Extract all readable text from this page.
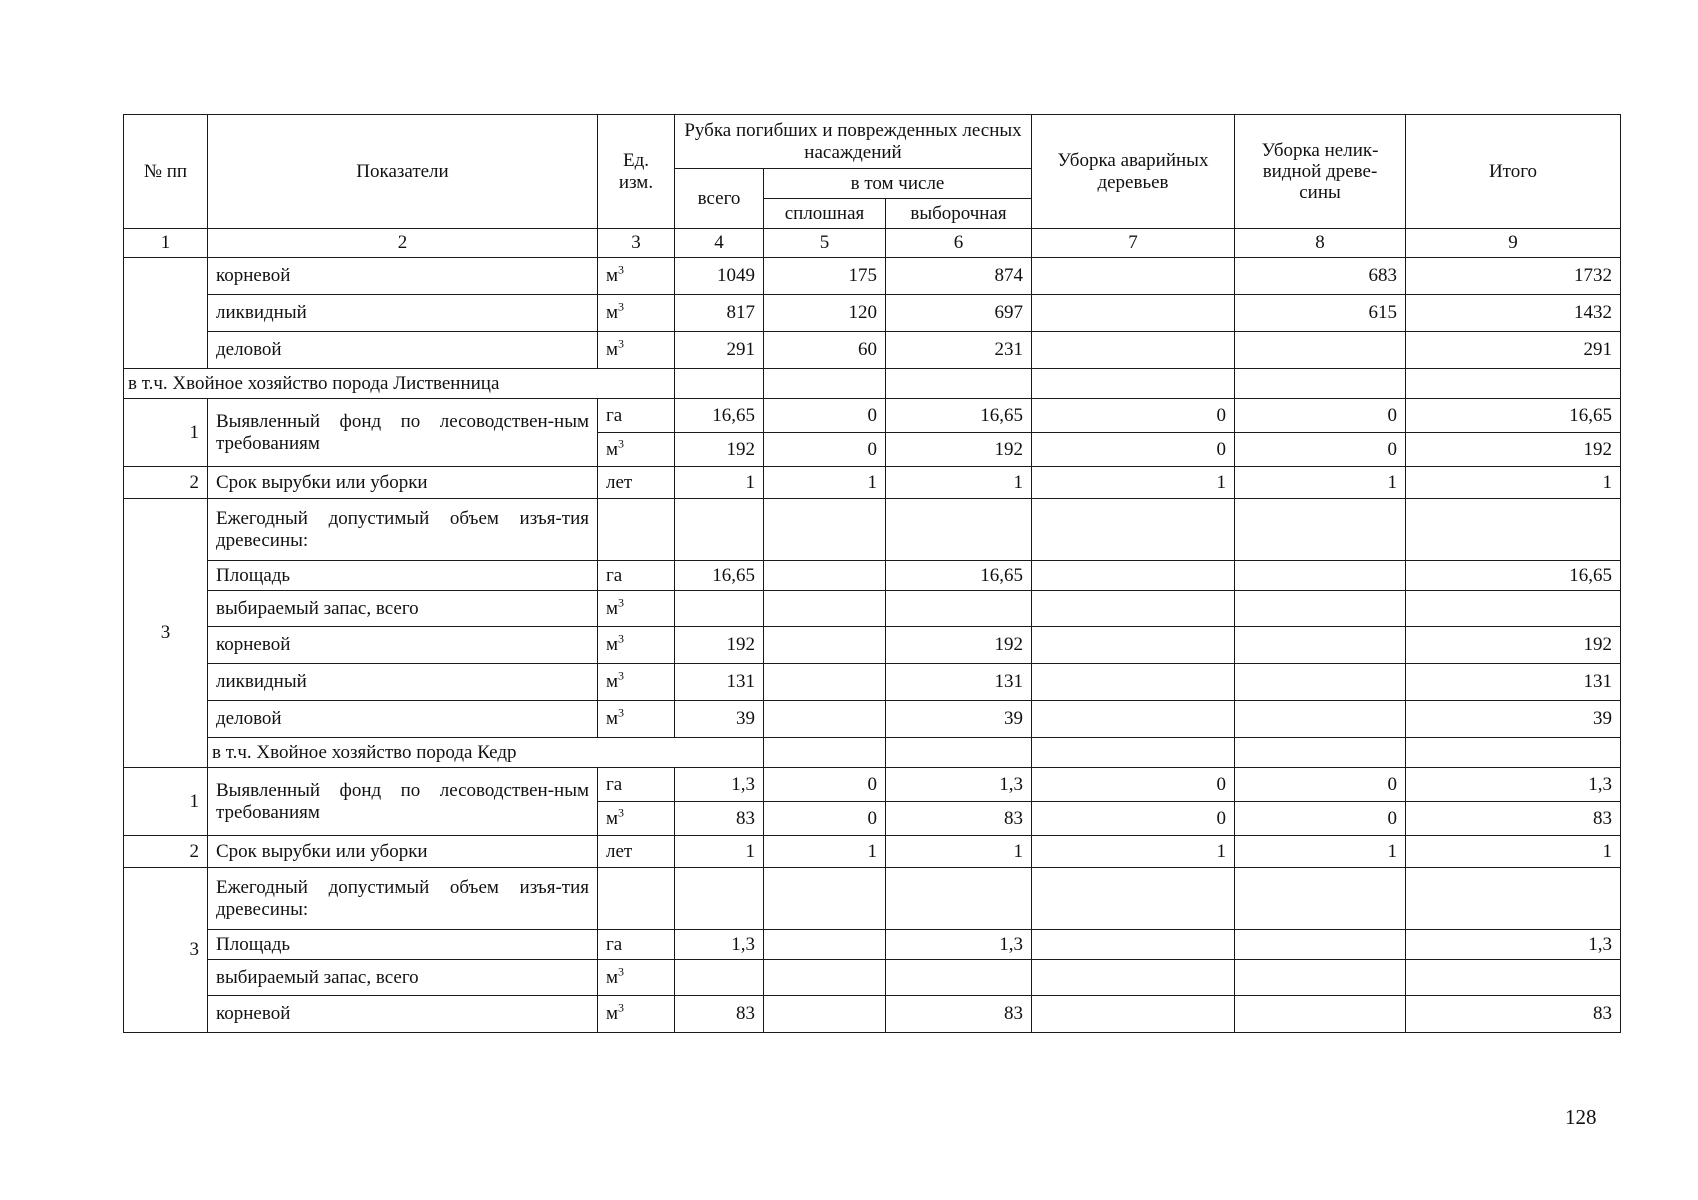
№ пп	Показатели	Ед. изм.	Рубка погибших и поврежденных лесных насаждений			Уборка аварийных деревьев	Уборка нелик-видной древе-сины	Итого	
			всего	в том числе					
				сплошная	выборочная				
1	2	3	4	5	6	7	8	9	
	корневой	$м^3$	1049	175	874		683	1732	
	ликвидный	$м^3$	817	120	697		615	1432	
	деловой	$м^3$	291	60	231			291	
в т.ч. Хвойное хозяйство порода Лиственница									
1	Выявленный фонд по лесоводствен-ным требованиям	га	16,65	0	16,65	0	0	16,65	
		$м^3$	192	0	192	0	0	192	
2	Срок вырубки или уборки	лет	1	1	1	1	1	1	
3	Ежегодный допустимый объем изъя-тия древесины:								
	Площадь	га	16,65		16,65			16,65	
	выбираемый запас, всего	$м^3$						
	корневой	$м^3$	192		192			192	
	ликвидный	$м^3$	131		131			131	
	деловой	$м^3$	39		39			39	
	в т.ч. Хвойное хозяйство порода Кедр								
1	Выявленный фонд по лесоводствен-ным требованиям	га	1,3	0	1,3	0	0	1,3	
		$м^3$	83	0	83	0	0	83	
2	Срок вырубки или уборки	лет	1	1	1	1	1	1	
3	Ежегодный допустимый объем изъя-тия древесины:								
	Площадь	га	1,3		1,3			1,3	
	выбираемый запас, всего	$м^3$						
	корневой	$м^3$	83		83			83	
128
